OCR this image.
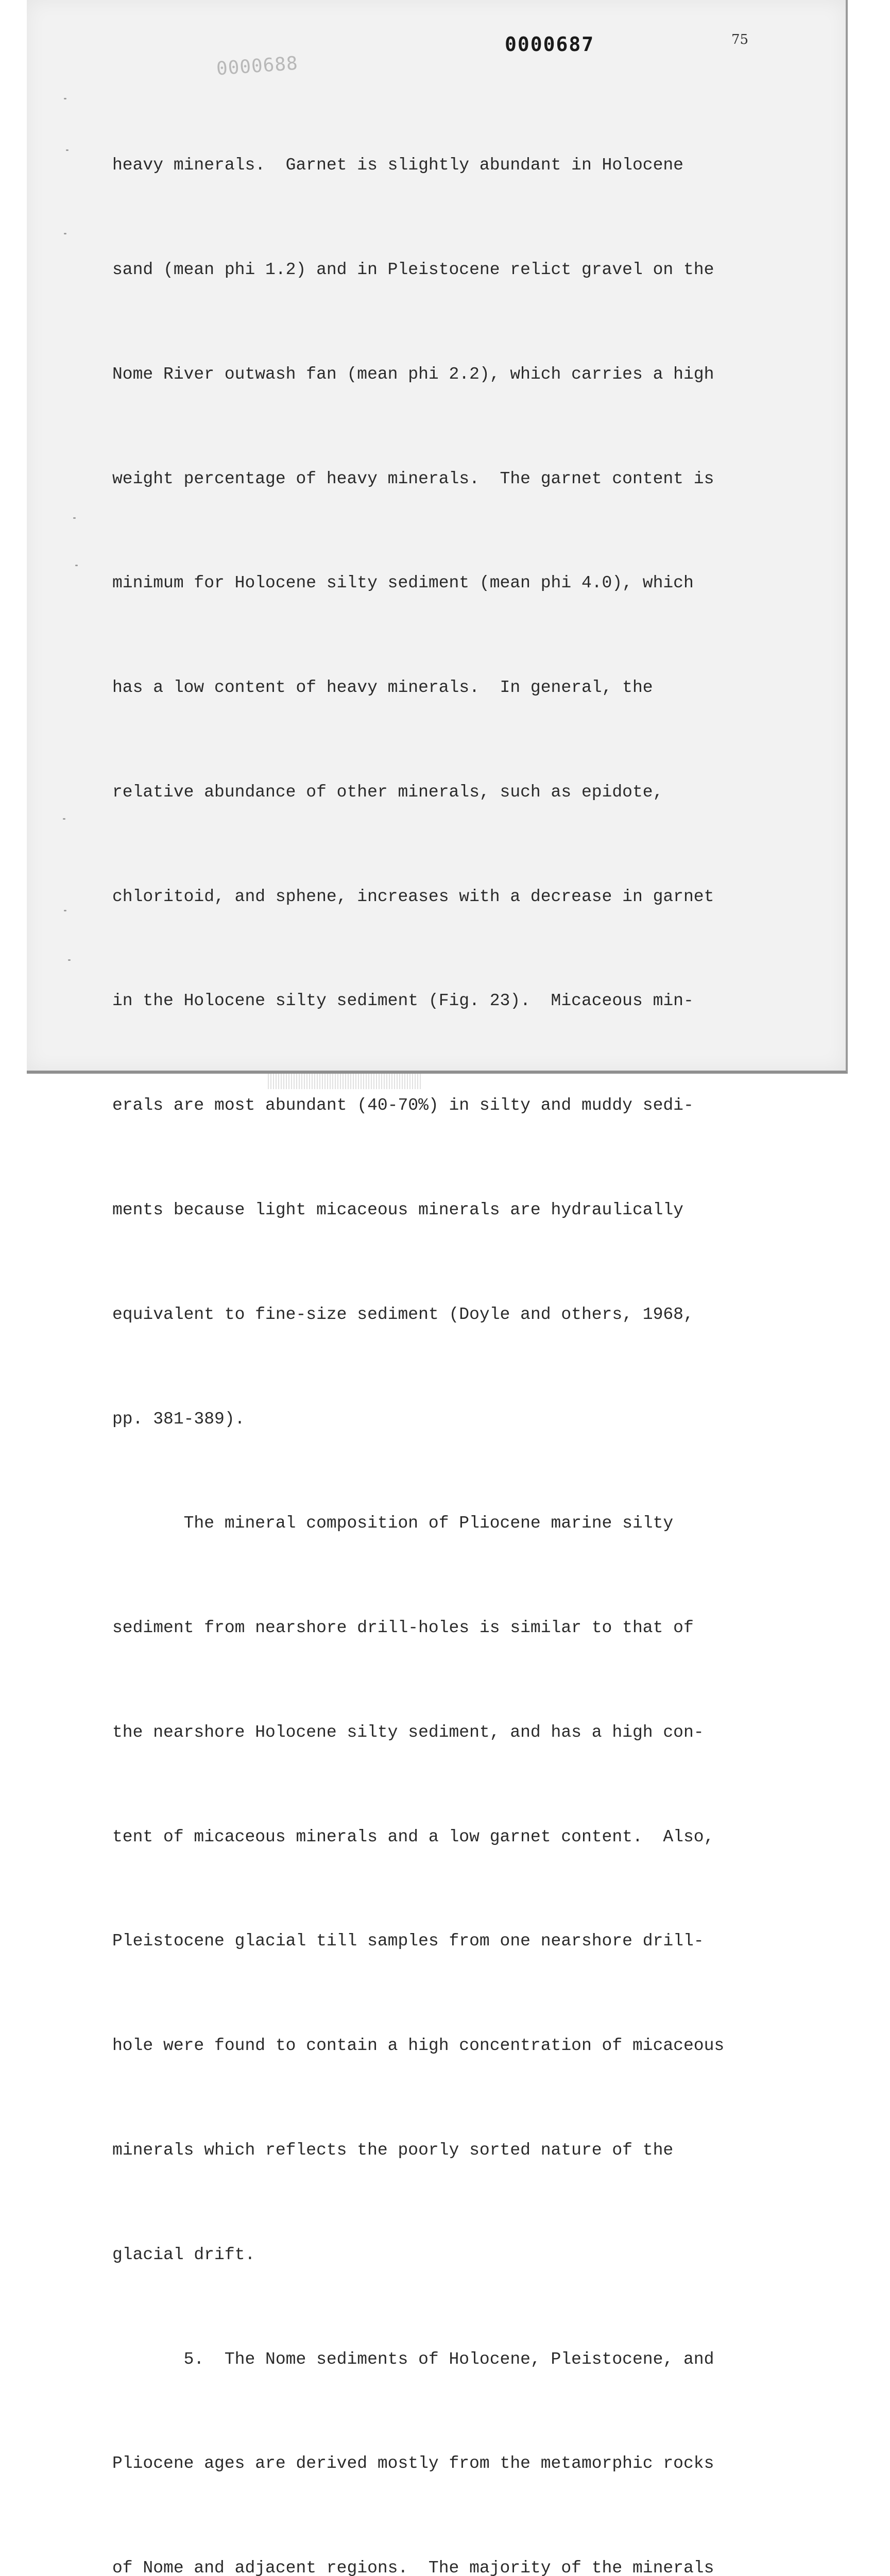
0000688
0000687	75

heavy minerals.  Garnet is slightly abundant in Holocene

sand (mean phi 1.2) and in Pleistocene relict gravel on the

Nome River outwash fan (mean phi 2.2), which carries a high

weight percentage of heavy minerals.  The garnet content is

minimum for Holocene silty sediment (mean phi 4.0), which

has a low content of heavy minerals.  In general, the

relative abundance of other minerals, such as epidote,

chloritoid, and sphene, increases with a decrease in garnet

in the Holocene silty sediment (Fig. 23).  Micaceous min-

erals are most abundant (40-70%) in silty and muddy sedi-

ments because light micaceous minerals are hydraulically

equivalent to fine-size sediment (Doyle and others, 1968,

pp. 381-389).

The mineral composition of Pliocene marine silty

sediment from nearshore drill-holes is similar to that of

the nearshore Holocene silty sediment, and has a high con-

tent of micaceous minerals and a low garnet content.  Also,

Pleistocene glacial till samples from one nearshore drill-

hole were found to contain a high concentration of micaceous

minerals which reflects the poorly sorted nature of the

glacial drift.

5.  The Nome sediments of Holocene, Pleistocene, and

Pliocene ages are derived mostly from the metamorphic rocks

of Nome and adjacent regions.  The majority of the minerals
